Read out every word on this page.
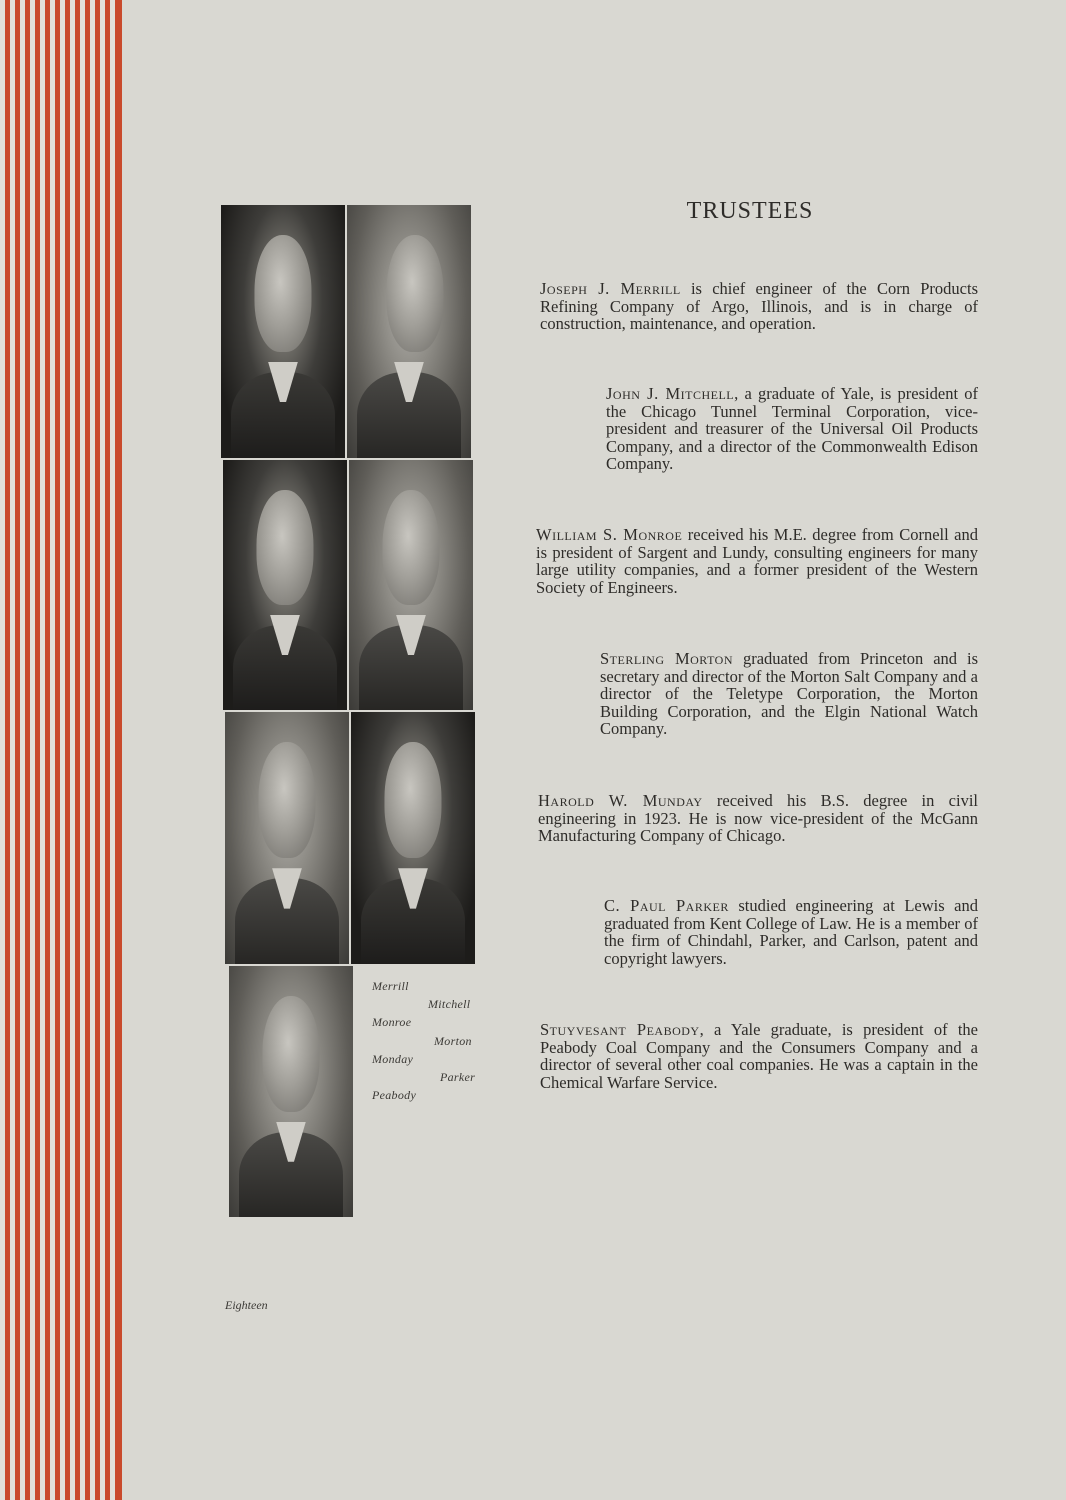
Merrill
Mitchell
Monroe
Morton
Monday
Parker
Peabody
TRUSTEES
Joseph J. Merrill is chief engineer of the Corn Products Refining Company of Argo, Illinois, and is in charge of construction, maintenance, and operation.
John J. Mitchell, a graduate of Yale, is president of the Chicago Tunnel Terminal Corporation, vice-president and treasurer of the Universal Oil Products Company, and a director of the Commonwealth Edison Company.
William S. Monroe received his M.E. degree from Cornell and is president of Sargent and Lundy, consulting engineers for many large utility companies, and a former president of the Western Society of Engineers.
Sterling Morton graduated from Princeton and is secretary and director of the Morton Salt Company and a director of the Teletype Corporation, the Morton Building Corporation, and the Elgin National Watch Company.
Harold W. Munday received his B.S. degree in civil engineering in 1923. He is now vice-president of the McGann Manufacturing Company of Chicago.
C. Paul Parker studied engineering at Lewis and graduated from Kent College of Law. He is a member of the firm of Chindahl, Parker, and Carlson, patent and copyright lawyers.
Stuyvesant Peabody, a Yale graduate, is president of the Peabody Coal Company and the Consumers Company and a director of several other coal companies. He was a captain in the Chemical Warfare Service.
Eighteen
